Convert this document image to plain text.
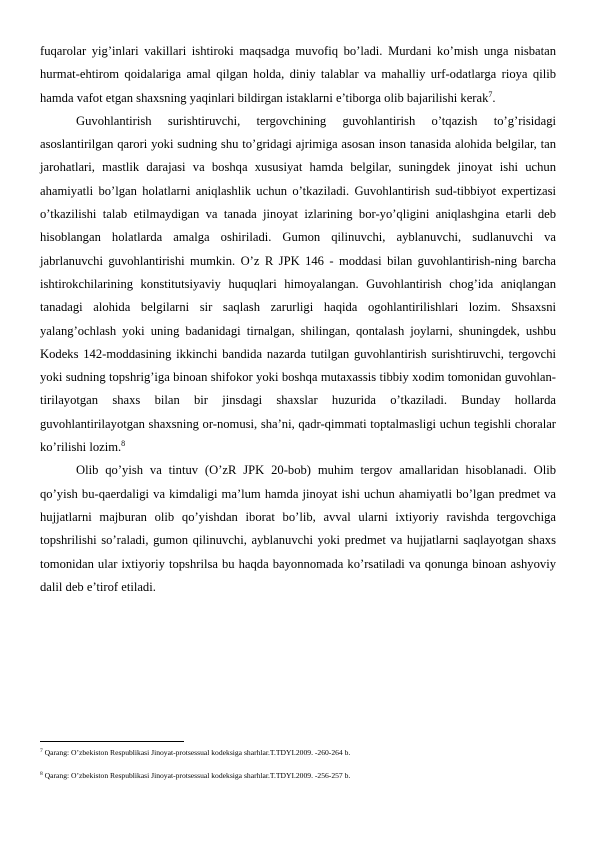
fuqarolar yig’inlari vakillari ishtiroki maqsadga muvofiq bo’ladi. Murdani ko’mish unga nisbatan hurmat-ehtirom qoidalariga amal qilgan holda, diniy talablar va mahalliy urf-odatlarga rioya qilib hamda vafot etgan shaxsning yaqinlari bildirgan istaklarni e’tiborga olib bajarilishi kerak$^7$.

Guvohlantirish surishtiruvchi, tergovchining guvohlantirish o’tqazish to’g’risidagi asoslantirilgan qarori yoki sudning shu to’gridagi ajrimiga asosan inson tanasida alohida belgilar, tan jarohatlari, mastlik darajasi va boshqa xususiyat hamda belgilar, suningdek jinoyat ishi uchun ahamiyatli bo’lgan holatlarni aniqlashlik uchun o’tkaziladi. Guvohlantirish sud-tibbiyot expertizasi o’tkazilishi talab etilmaydigan va tanada jinoyat izlarining bor-yo’qligini aniqlashgina etarli deb hisoblangan holatlarda amalga oshiriladi. Gumon qilinuvchi, ayblanuvchi, sudlanuvchi va jabrlanuvchi guvohlantirishi mumkin. O’z R JPK 146 - moddasi bilan guvohlantirish-ning barcha ishtirokchilarining konstitutsiyaviy huquqlari himoyalangan. Guvohlantirish chog’ida aniqlangan tanadagi alohida belgilarni sir saqlash zarurligi haqida ogohlantirilishlari lozim. Shsaxsni yalang’ochlash yoki uning badanidagi tirnalgan, shilingan, qontalash joylarni, shuningdek, ushbu Kodeks 142-moddasining ikkinchi bandida nazarda tutilgan guvohlantirish surishtiruvchi, tergovchi yoki sudning topshrig’iga binoan shifokor yoki boshqa mutaxassis tibbiy xodim tomonidan guvohlan-tirilayotgan shaxs bilan bir jinsdagi shaxslar huzurida o’tkaziladi. Bunday hollarda guvohlantirilayotgan shaxsning or-nomusi, sha’ni, qadr-qimmati toptalmasligi uchun tegishli choralar ko’rilishi lozim.$^8$

Olib qo’yish va tintuv (O’zR JPK 20-bob) muhim tergov amallaridan hisoblanadi. Olib qo’yish bu-qaerdaligi va kimdaligi ma’lum hamda jinoyat ishi uchun ahamiyatli bo’lgan predmet va hujjatlarni majburan olib qo’yishdan iborat bo’lib, avval ularni ixtiyoriy ravishda tergovchiga topshrilishi so’raladi, gumon qilinuvchi, ayblanuvchi yoki predmet va hujjatlarni saqlayotgan shaxs tomonidan ular ixtiyoriy topshrilsa bu haqda bayonnomada ko’rsatiladi va qonunga binoan ashyoviy dalil deb e’tirof etiladi.

$^7$ Qarang: O’zbekiston Respublikasi Jinoyat-protsessual kodeksiga sharhlar.T.TDYI.2009. -260-264 b.

$^8$ Qarang: O’zbekiston Respublikasi Jinoyat-protsessual kodeksiga sharhlar.T.TDYI.2009. -256-257 b.
